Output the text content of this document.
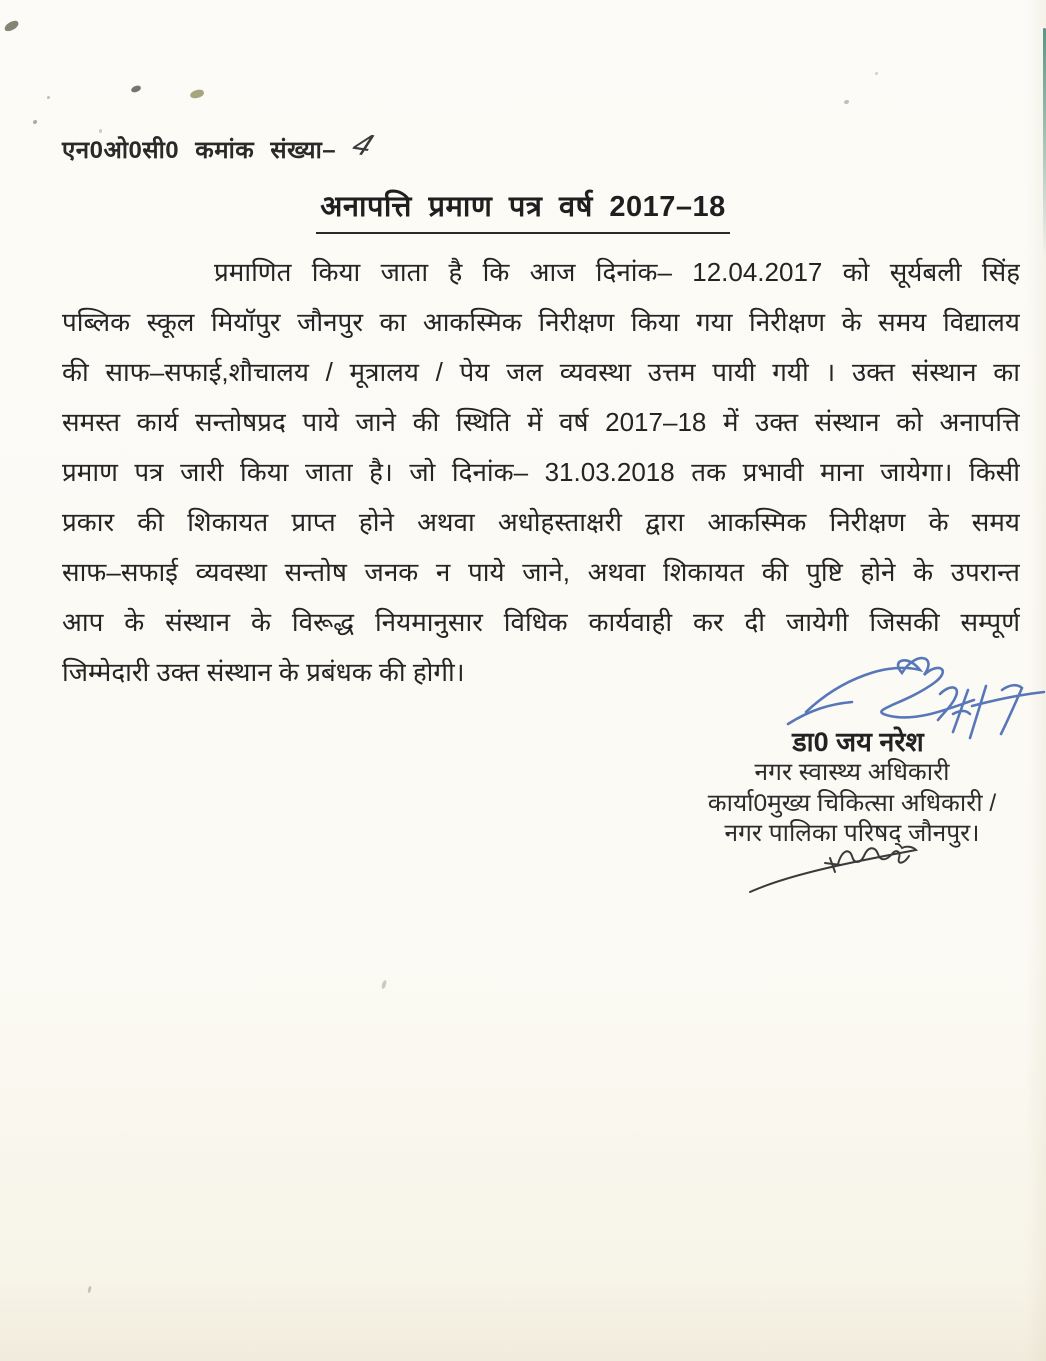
एन0ओ0सी0 कमांक संख्या– 4
अनापत्ति प्रमाण पत्र वर्ष 2017–18
प्रमाणित किया जाता है कि आज दिनांक– 12.04.2017 को सूर्यबली सिंह
पब्लिक स्कूल मियॉपुर जौनपुर का आकस्मिक निरीक्षण किया गया निरीक्षण के समय विद्यालय
की साफ–सफाई,शौचालय / मूत्रालय / पेय जल व्यवस्था उत्तम पायी गयी । उक्त संस्थान का
समस्त कार्य सन्तोषप्रद पाये जाने की स्थिति में वर्ष 2017–18 में उक्त संस्थान को अनापत्ति
प्रमाण पत्र जारी किया जाता है। जो दिनांक– 31.03.2018 तक प्रभावी माना जायेगा। किसी
प्रकार की शिकायत प्राप्त होने अथवा अधोहस्ताक्षरी द्वारा आकस्मिक निरीक्षण के समय
साफ–सफाई व्यवस्था सन्तोष जनक न पाये जाने, अथवा शिकायत की पुष्टि होने के उपरान्त
आप के संस्थान के विरूद्ध नियमानुसार विधिक कार्यवाही कर दी जायेगी जिसकी सम्पूर्ण
जिम्मेदारी उक्त संस्थान के प्रबंधक की होगी।
डा0 जय नरेश
नगर स्वास्थ्य अधिकारी
कार्या0मुख्य चिकित्सा अधिकारी /
नगर पालिका परिषद् जौनपुर।
